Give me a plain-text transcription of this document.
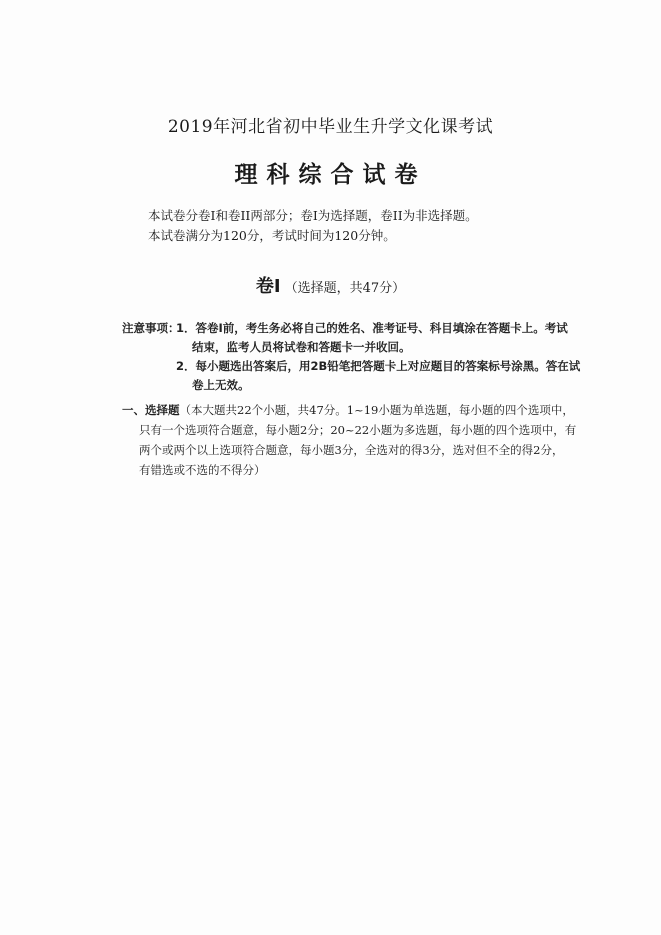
2019年河北省初中毕业生升学文化课考试
理科综合试卷
本试卷分卷I和卷II两部分；卷I为选择题，卷II为非选择题。
本试卷满分为120分，考试时间为120分钟。
卷I （选择题，共47分）
注意事项：
1．答卷I前，考生务必将自己的姓名、准考证号、科目填涂在答题卡上。考试
结束，监考人员将试卷和答题卡一并收回。
2．每小题选出答案后，用2B铅笔把答题卡上对应题目的答案标号涂黑。答在试
卷上无效。
一、选择题（本大题共22个小题，共47分。1~19小题为单选题，每小题的四个选项中，
只有一个选项符合题意，每小题2分；20~22小题为多选题，每小题的四个选项中，有
两个或两个以上选项符合题意，每小题3分，全选对的得3分，选对但不全的得2分，
有错选或不选的不得分）
